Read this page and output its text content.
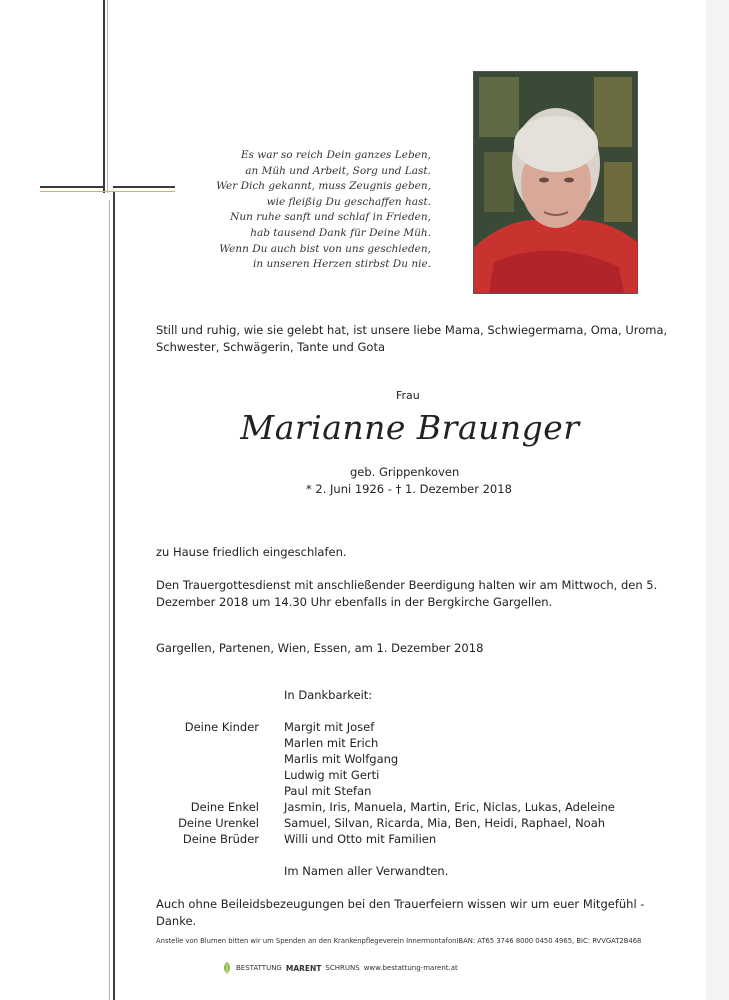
Es war so reich Dein ganzes Leben,
an Müh und Arbeit, Sorg und Last.
Wer Dich gekannt, muss Zeugnis geben,
wie fleißig Du geschaffen hast.
Nun ruhe sanft und schlaf in Frieden,
hab tausend Dank für Deine Müh.
Wenn Du auch bist von uns geschieden,
in unseren Herzen stirbst Du nie.
Still und ruhig, wie sie gelebt hat, ist unsere liebe Mama, Schwiegermama, Oma, Uroma, Schwester, Schwägerin, Tante und Gota
Frau
Marianne Braunger
geb. Grippenkoven
* 2. Juni 1926 - † 1. Dezember 2018
zu Hause friedlich eingeschlafen.
Den Trauergottesdienst mit anschließender Beerdigung halten wir am Mittwoch, den 5. Dezember 2018 um 14.30 Uhr ebenfalls in der Bergkirche Gargellen.
Gargellen, Partenen, Wien, Essen, am 1. Dezember 2018
In Dankbarkeit:
Deine Kinder Margit mit Josef
Marlen mit Erich
Marlis mit Wolfgang
Ludwig mit Gerti
Paul mit Stefan
Deine Enkel Jasmin, Iris, Manuela, Martin, Eric, Niclas, Lukas, Adeleine
Deine Urenkel Samuel, Silvan, Ricarda, Mia, Ben, Heidi, Raphael, Noah
Deine Brüder Willi und Otto mit Familien
Im Namen aller Verwandten.
Auch ohne Beileidsbezeugungen bei den Trauerfeiern wissen wir um euer Mitgefühl - Danke.
Anstelle von Blumen bitten wir um Spenden an den Krankenpflegeverein InnermontafonIBAN: AT65 3746 8000 0450 4965, BIC: RVVGAT2B468
BESTATTUNG MARENT SCHRUNS www.bestattung-marent.at
